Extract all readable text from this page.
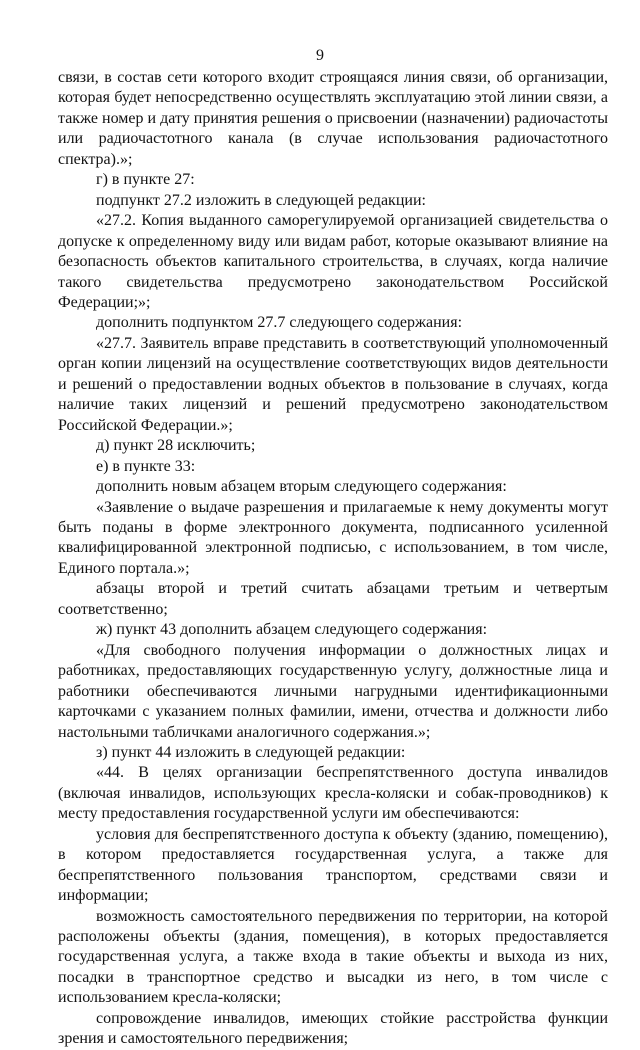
9

связи, в состав сети которого входит строящаяся линия связи, об организации, которая будет непосредственно осуществлять эксплуатацию этой линии связи, а также номер и дату принятия решения о присвоении (назначении) радиочастоты или радиочастотного канала (в случае использования радиочастотного спектра).»;

г) в пункте 27:

подпункт 27.2 изложить в следующей редакции:

«27.2. Копия выданного саморегулируемой организацией свидетельства о допуске к определенному виду или видам работ, которые оказывают влияние на безопасность объектов капитального строительства, в случаях, когда наличие такого свидетельства предусмотрено законодательством Российской Федерации;»;

дополнить подпунктом 27.7 следующего содержания:

«27.7. Заявитель вправе представить в соответствующий уполномоченный орган копии лицензий на осуществление соответствующих видов деятельности и решений о предоставлении водных объектов в пользование в случаях, когда наличие таких лицензий и решений предусмотрено законодательством Российской Федерации.»;

д) пункт 28 исключить;

е) в пункте 33:

дополнить новым абзацем вторым следующего содержания:

«Заявление о выдаче разрешения и прилагаемые к нему документы могут быть поданы в форме электронного документа, подписанного усиленной квалифицированной электронной подписью, с использованием, в том числе, Единого портала.»;

абзацы второй и третий считать абзацами третьим и четвертым соответственно;

ж) пункт 43 дополнить абзацем следующего содержания:

«Для свободного получения информации о должностных лицах и работниках, предоставляющих государственную услугу, должностные лица и работники обеспечиваются личными нагрудными идентификационными карточками с указанием полных фамилии, имени, отчества и должности либо настольными табличками аналогичного содержания.»;

з) пункт 44 изложить в следующей редакции:

«44. В целях организации беспрепятственного доступа инвалидов (включая инвалидов, использующих кресла-коляски и собак-проводников) к месту предоставления государственной услуги им обеспечиваются:

условия для беспрепятственного доступа к объекту (зданию, помещению), в котором предоставляется государственная услуга, а также для беспрепятственного пользования транспортом, средствами связи и информации;

возможность самостоятельного передвижения по территории, на которой расположены объекты (здания, помещения), в которых предоставляется государственная услуга, а также входа в такие объекты и выхода из них, посадки в транспортное средство и высадки из него, в том числе с использованием кресла-коляски;

сопровождение инвалидов, имеющих стойкие расстройства функции зрения и самостоятельного передвижения;
